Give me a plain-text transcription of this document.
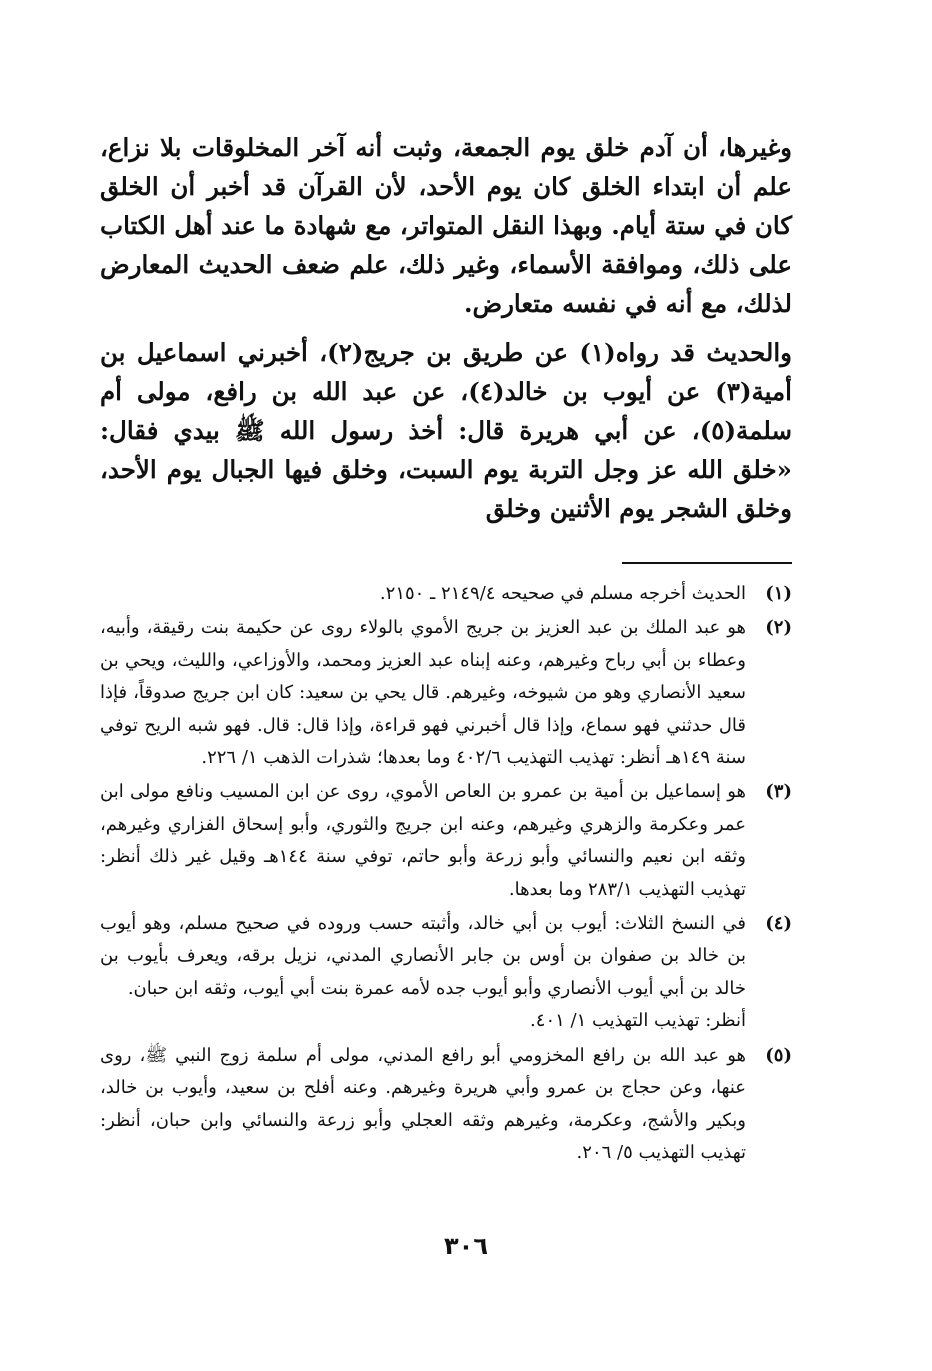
وغيرها، أن آدم خلق يوم الجمعة، وثبت أنه آخر المخلوقات بلا نزاع، علم أن ابتداء الخلق كان يوم الأحد، لأن القرآن قد أخبر أن الخلق كان في ستة أيام. وبهذا النقل المتواتر، مع شهادة ما عند أهل الكتاب على ذلك، وموافقة الأسماء، وغير ذلك، علم ضعف الحديث المعارض لذلك، مع أنه في نفسه متعارض.

والحديث قد رواه(١) عن طريق بن جريج(٢)، أخبرني اسماعيل بن أمية(٣) عن أيوب بن خالد(٤)، عن عبد الله بن رافع، مولى أم سلمة(٥)، عن أبي هريرة قال: أخذ رسول الله ﷺ بيدي فقال: «خلق الله عز وجل التربة يوم السبت، وخلق فيها الجبال يوم الأحد، وخلق الشجر يوم الأثنين وخلق

(١)
الحديث أخرجه مسلم في صحيحه ٢١٤٩/٤ ـ ٢١٥٠.
(٢)
هو عبد الملك بن عبد العزيز بن جريج الأموي بالولاء روى عن حكيمة بنت رقيقة، وأبيه، وعطاء بن أبي رباح وغيرهم، وعنه إبناه عبد العزيز ومحمد، والأوزاعي، والليث، ويحي بن سعيد الأنصاري وهو من شيوخه، وغيرهم. قال يحي بن سعيد: كان ابن جريج صدوقاً، فإذا قال حدثني فهو سماع، وإذا قال أخبرني فهو قراءة، وإذا قال: قال. فهو شبه الريح توفي سنة ١٤٩هـ أنظر: تهذيب التهذيب ٤٠٢/٦ وما بعدها؛ شذرات الذهب ١/ ٢٢٦.
(٣)
هو إسماعيل بن أمية بن عمرو بن العاص الأموي، روى عن ابن المسيب ونافع مولى ابن عمر وعكرمة والزهري وغيرهم، وعنه ابن جريج والثوري، وأبو إسحاق الفزاري وغيرهم، وثقه ابن نعيم والنسائي وأبو زرعة وأبو حاتم، توفي سنة ١٤٤هـ وقيل غير ذلك أنظر: تهذيب التهذيب ٢٨٣/١ وما بعدها.
(٤)
في النسخ الثلاث: أيوب بن أبي خالد، وأثبته حسب وروده في صحيح مسلم، وهو أيوب بن خالد بن صفوان بن أوس بن جابر الأنصاري المدني، نزيل برقه، ويعرف بأيوب بن خالد بن أبي أيوب الأنصاري وأبو أيوب جده لأمه عمرة بنت أبي أيوب، وثقه ابن حبان.
أنظر: تهذيب التهذيب ١/ ٤٠١.
(٥)
هو عبد الله بن رافع المخزومي أبو رافع المدني، مولى أم سلمة زوج النبي ﷺ، روى عنها، وعن حجاج بن عمرو وأبي هريرة وغيرهم. وعنه أفلح بن سعيد، وأيوب بن خالد، وبكير والأشج، وعكرمة، وغيرهم وثقه العجلي وأبو زرعة والنسائي وابن حبان، أنظر: تهذيب التهذيب ٥/ ٢٠٦.
٣٠٦
